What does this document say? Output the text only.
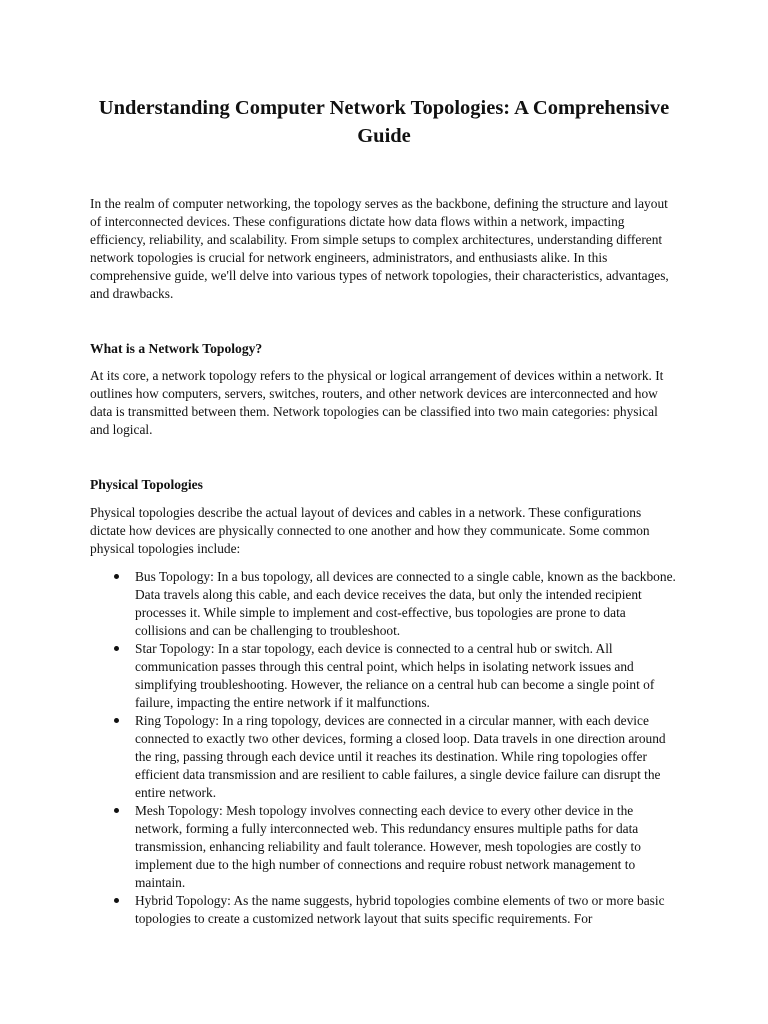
Understanding Computer Network Topologies: A Comprehensive Guide

In the realm of computer networking, the topology serves as the backbone, defining the structure and layout of interconnected devices. These configurations dictate how data flows within a network, impacting efficiency, reliability, and scalability. From simple setups to complex architectures, understanding different network topologies is crucial for network engineers, administrators, and enthusiasts alike. In this comprehensive guide, we'll delve into various types of network topologies, their characteristics, advantages, and drawbacks.

What is a Network Topology?

At its core, a network topology refers to the physical or logical arrangement of devices within a network. It outlines how computers, servers, switches, routers, and other network devices are interconnected and how data is transmitted between them. Network topologies can be classified into two main categories: physical and logical.

Physical Topologies

Physical topologies describe the actual layout of devices and cables in a network. These configurations dictate how devices are physically connected to one another and how they communicate. Some common physical topologies include:

Bus Topology: In a bus topology, all devices are connected to a single cable, known as the backbone. Data travels along this cable, and each device receives the data, but only the intended recipient processes it. While simple to implement and cost-effective, bus topologies are prone to data collisions and can be challenging to troubleshoot.
Star Topology: In a star topology, each device is connected to a central hub or switch. All communication passes through this central point, which helps in isolating network issues and simplifying troubleshooting. However, the reliance on a central hub can become a single point of failure, impacting the entire network if it malfunctions.
Ring Topology: In a ring topology, devices are connected in a circular manner, with each device connected to exactly two other devices, forming a closed loop. Data travels in one direction around the ring, passing through each device until it reaches its destination. While ring topologies offer efficient data transmission and are resilient to cable failures, a single device failure can disrupt the entire network.
Mesh Topology: Mesh topology involves connecting each device to every other device in the network, forming a fully interconnected web. This redundancy ensures multiple paths for data transmission, enhancing reliability and fault tolerance. However, mesh topologies are costly to implement due to the high number of connections and require robust network management to maintain.
Hybrid Topology: As the name suggests, hybrid topologies combine elements of two or more basic topologies to create a customized network layout that suits specific requirements. For
